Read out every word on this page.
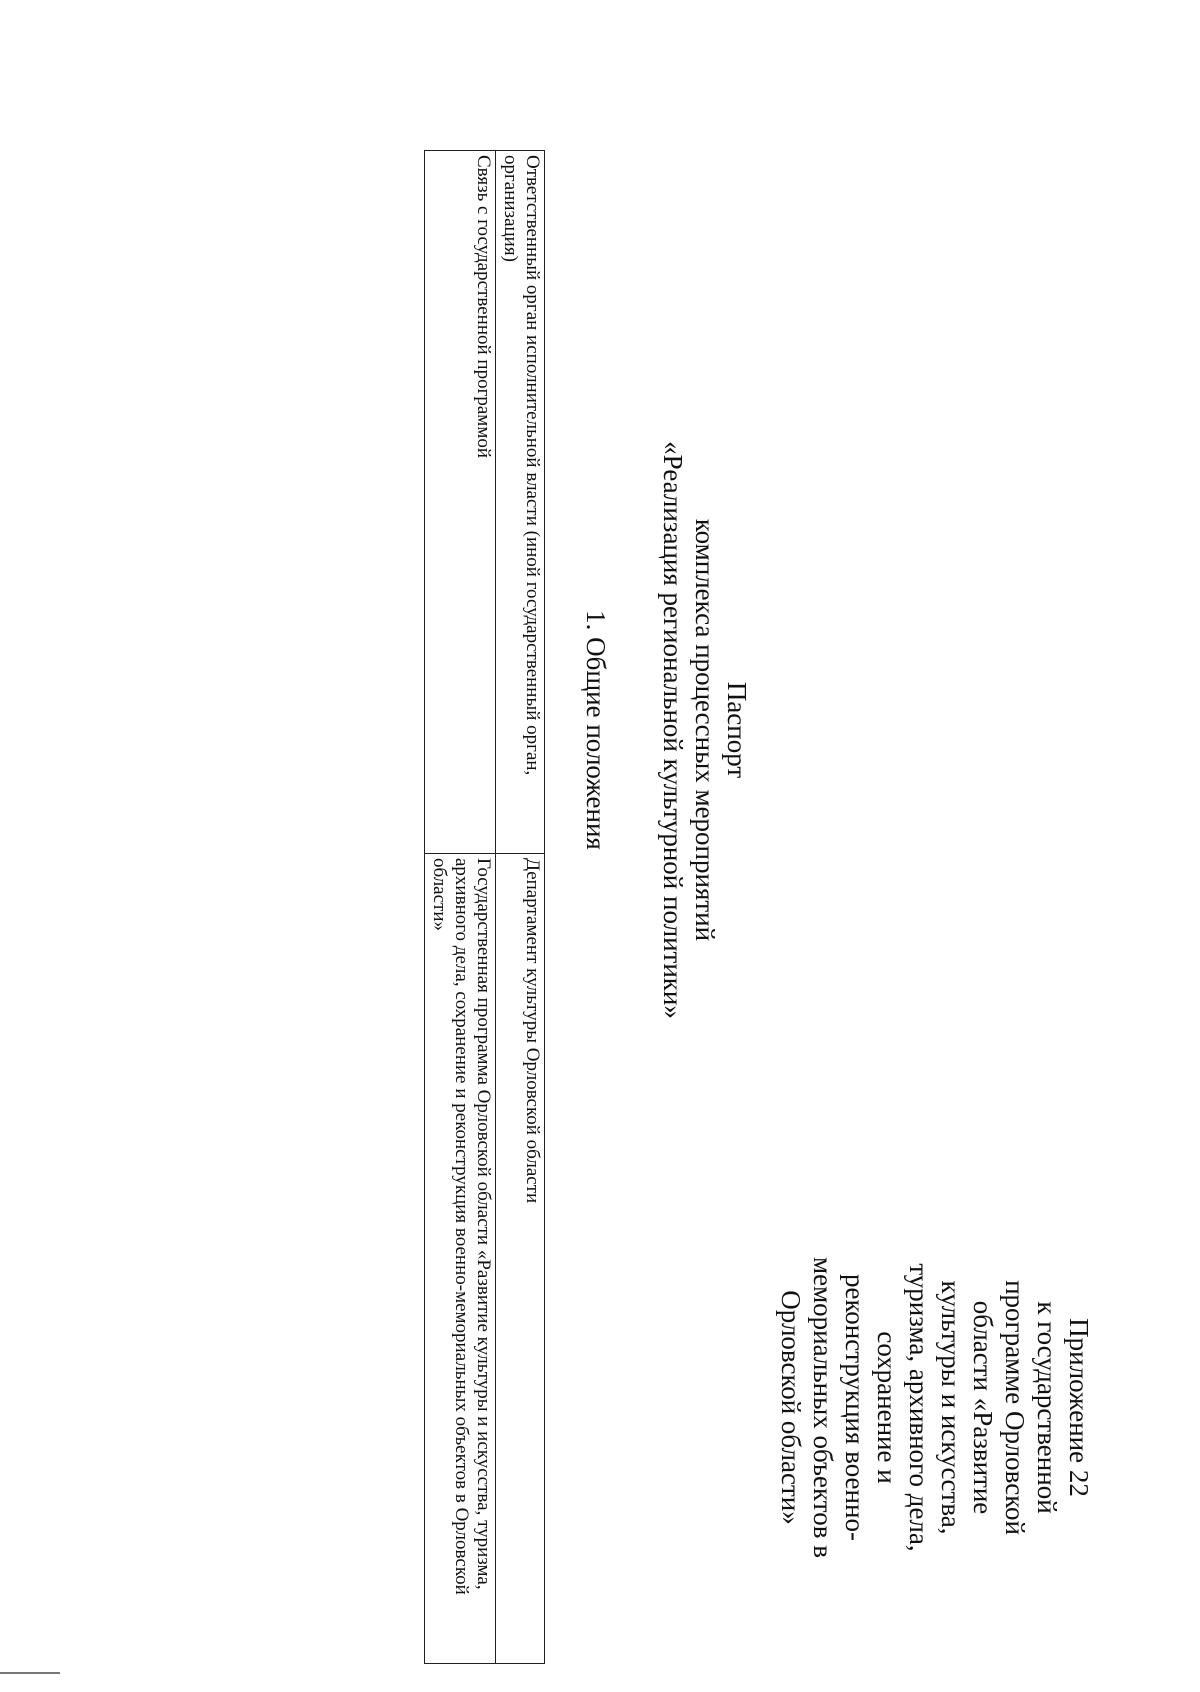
Приложение 22
к государственной
программе Орловской
области «Развитие
культуры и искусства,
туризма, архивного дела,
сохранение и
реконструкция военно-
мемориальных объектов в
Орловской области»
Паспорт
комплекса процессных мероприятий
«Реализация региональной культурной политики»
1. Общие положения
Ответственный орган исполнительной власти (иной государственный орган, организация)	Департамент культуры Орловской области
Связь с государственной программой	Государственная программа Орловской области «Развитие культуры и искусства, туризма, архивного дела, сохранение и реконструкция военно-мемориальных объектов в Орловской области»
